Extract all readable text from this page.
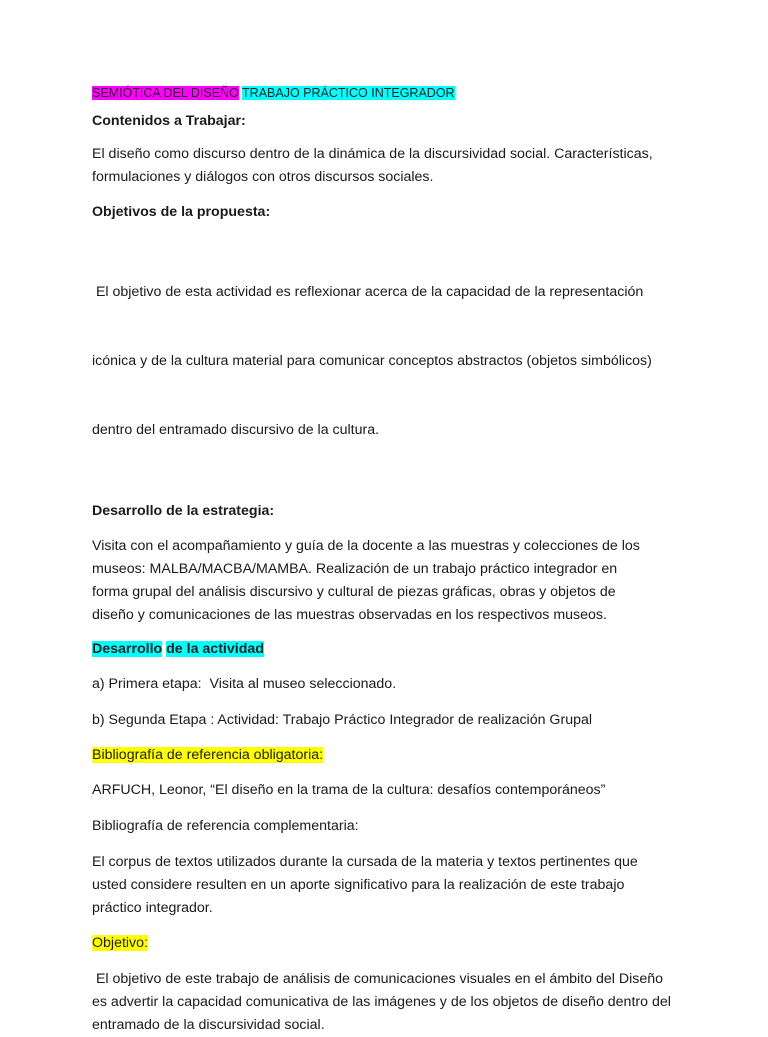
SEMIÓTICA DEL DISEÑO TRABAJO PRÁCTICO INTEGRADOR

Contenidos a Trabajar:

El diseño como discurso dentro de la dinámica de la discursividad social. Características,
formulaciones y diálogos con otros discursos sociales.

Objetivos de la propuesta:

El objetivo de esta actividad es reflexionar acerca de la capacidad de la representación

icónica y de la cultura material para comunicar conceptos abstractos (objetos simbólicos)

dentro del entramado discursivo de la cultura.

Desarrollo de la estrategia:

Visita con el acompañamiento y guía de la docente a las muestras y colecciones de los
museos: MALBA/MACBA/MAMBA. Realización de un trabajo práctico integrador en
forma grupal del análisis discursivo y cultural de piezas gráficas, obras y objetos de
diseño y comunicaciones de las muestras observadas en los respectivos museos.

Desarrollo de la actividad

a) Primera etapa:  Visita al museo seleccionado.

b) Segunda Etapa : Actividad: Trabajo Práctico Integrador de realización Grupal

Bibliografía de referencia obligatoria:

ARFUCH, Leonor, “El diseño en la trama de la cultura: desafíos contemporáneos”

Bibliografía de referencia complementaria:

El corpus de textos utilizados durante la cursada de la materia y textos pertinentes que
usted considere resulten en un aporte significativo para la realización de este trabajo
práctico integrador.

Objetivo:

El objetivo de este trabajo de análisis de comunicaciones visuales en el ámbito del Diseño
es advertir la capacidad comunicativa de las imágenes y de los objetos de diseño dentro del
entramado de la discursividad social.
